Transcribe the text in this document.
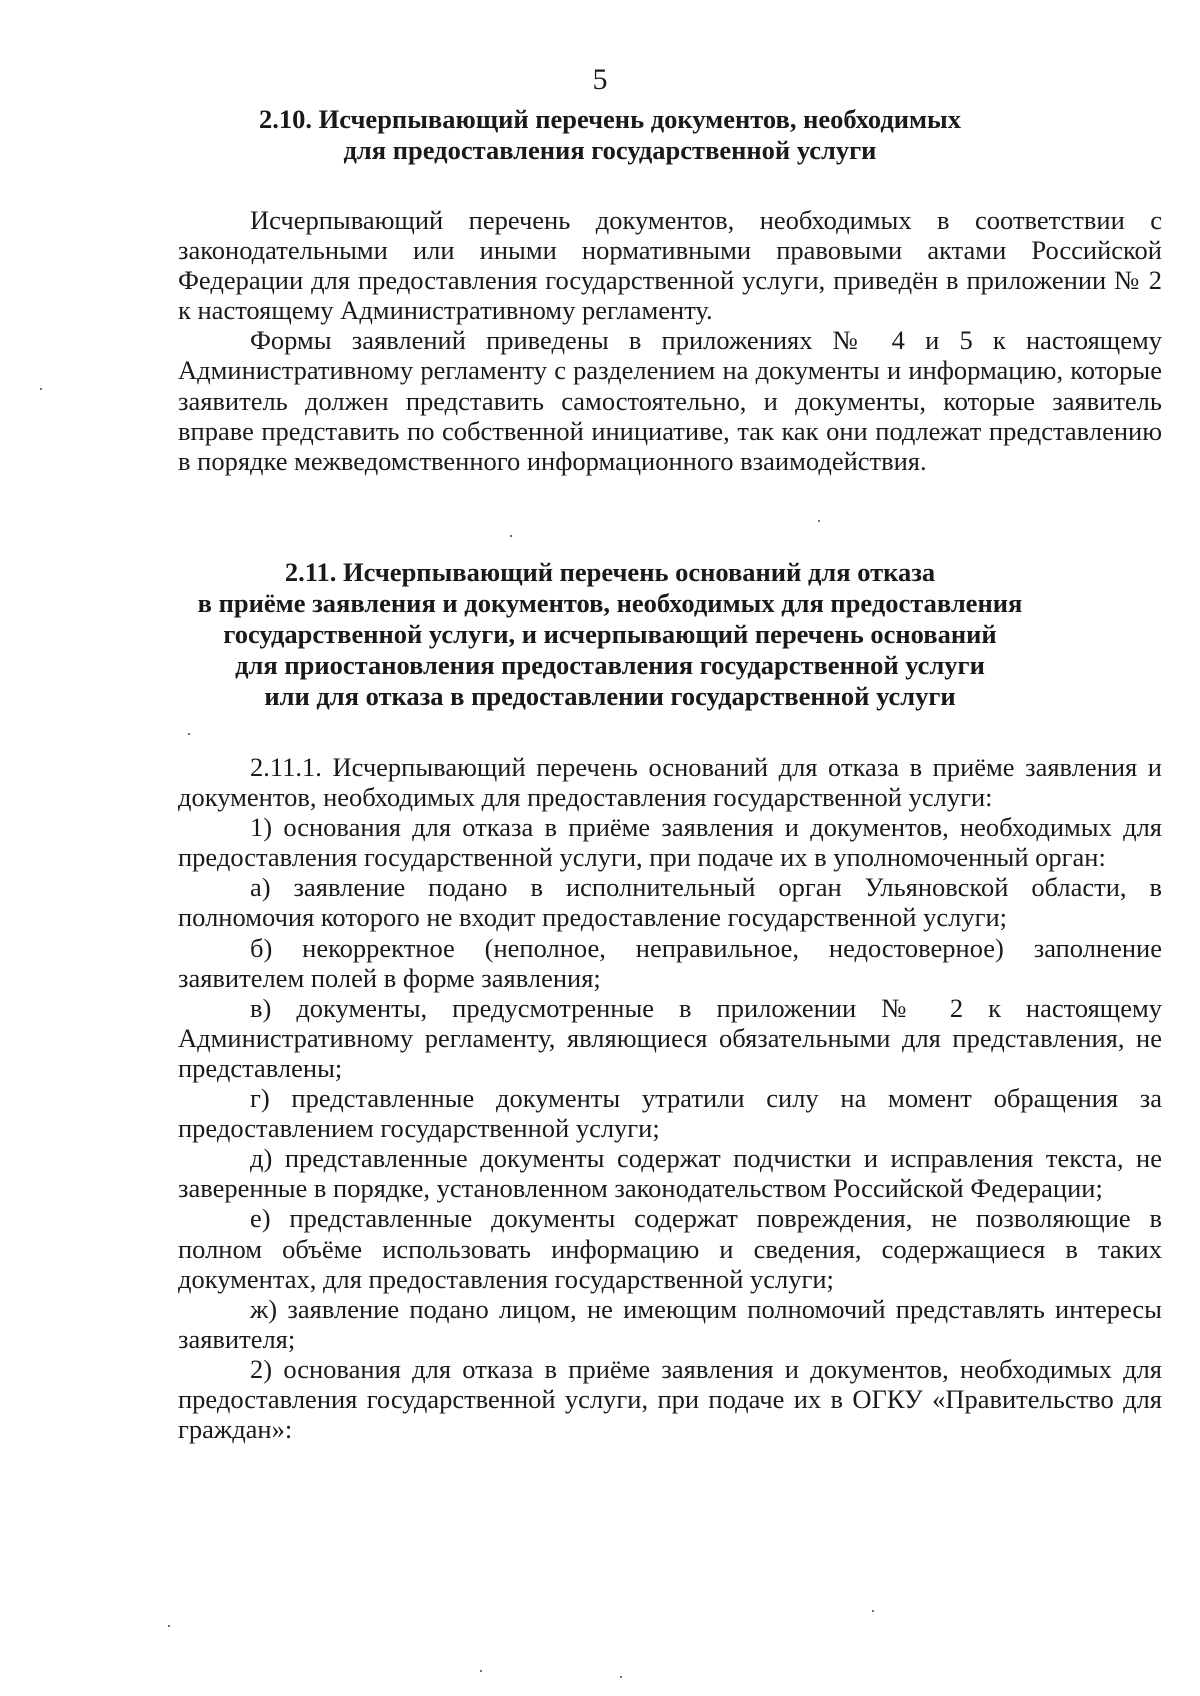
5
2.10. Исчерпывающий перечень документов, необходимых
для предоставления государственной услуги

Исчерпывающий перечень документов, необходимых в соответствии с законодательными или иными нормативными правовыми актами Российской Федерации для предоставления государственной услуги, приведён в приложении № 2 к настоящему Административному регламенту.

Формы заявлений приведены в приложениях № 4 и 5 к настоящему Административному регламенту с разделением на документы и информацию, которые заявитель должен представить самостоятельно, и документы, которые заявитель вправе представить по собственной инициативе, так как они подлежат представлению в порядке межведомственного информационного взаимодействия.

2.11. Исчерпывающий перечень оснований для отказа
в приёме заявления и документов, необходимых для предоставления
государственной услуги, и исчерпывающий перечень оснований
для приостановления предоставления государственной услуги
или для отказа в предоставлении государственной услуги

2.11.1. Исчерпывающий перечень оснований для отказа в приёме заявления и документов, необходимых для предоставления государственной услуги:

1) основания для отказа в приёме заявления и документов, необходимых для предоставления государственной услуги, при подаче их в уполномоченный орган:

а) заявление подано в исполнительный орган Ульяновской области, в полномочия которого не входит предоставление государственной услуги;

б) некорректное (неполное, неправильное, недостоверное) заполнение заявителем полей в форме заявления;

в) документы, предусмотренные в приложении № 2 к настоящему Административному регламенту, являющиеся обязательными для представления, не представлены;

г) представленные документы утратили силу на момент обращения за предоставлением государственной услуги;

д) представленные документы содержат подчистки и исправления текста, не заверенные в порядке, установленном законодательством Российской Федерации;

е) представленные документы содержат повреждения, не позволяющие в полном объёме использовать информацию и сведения, содержащиеся в таких документах, для предоставления государственной услуги;

ж) заявление подано лицом, не имеющим полномочий представлять интересы заявителя;

2) основания для отказа в приёме заявления и документов, необходимых для предоставления государственной услуги, при подаче их в ОГКУ «Правительство для граждан»:
